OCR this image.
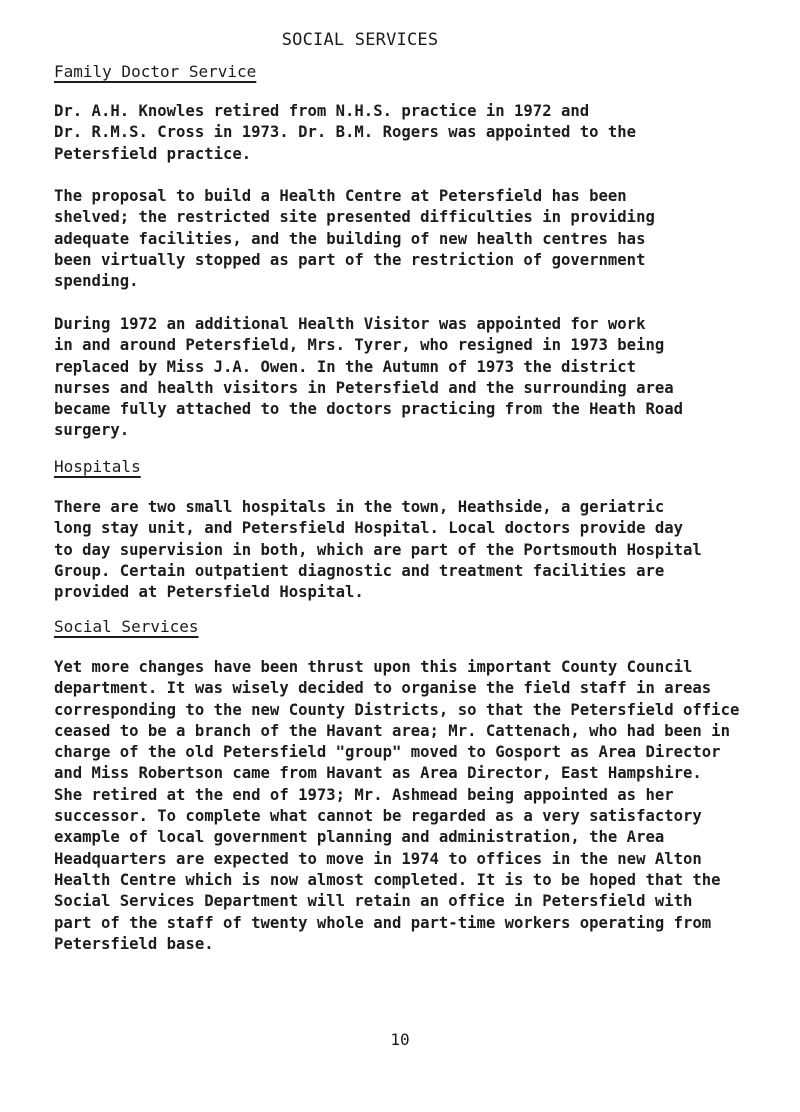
SOCIAL SERVICES
Family Doctor Service

Dr. A.H. Knowles retired from N.H.S. practice in 1972 and
Dr. R.M.S. Cross in 1973. Dr. B.M. Rogers was appointed to the
Petersfield practice.

The proposal to build a Health Centre at Petersfield has been
shelved; the restricted site presented difficulties in providing
adequate facilities, and the building of new health centres has
been virtually stopped as part of the restriction of government
spending.

During 1972 an additional Health Visitor was appointed for work
in and around Petersfield, Mrs. Tyrer, who resigned in 1973 being
replaced by Miss J.A. Owen. In the Autumn of 1973 the district
nurses and health visitors in Petersfield and the surrounding area
became fully attached to the doctors practicing from the Heath Road
surgery.

Hospitals

There are two small hospitals in the town, Heathside, a geriatric
long stay unit, and Petersfield Hospital. Local doctors provide day
to day supervision in both, which are part of the Portsmouth Hospital
Group. Certain outpatient diagnostic and treatment facilities are
provided at Petersfield Hospital.

Social Services

Yet more changes have been thrust upon this important County Council
department. It was wisely decided to organise the field staff in areas
corresponding to the new County Districts, so that the Petersfield office
ceased to be a branch of the Havant area; Mr. Cattenach, who had been in
charge of the old Petersfield "group" moved to Gosport as Area Director
and Miss Robertson came from Havant as Area Director, East Hampshire.
She retired at the end of 1973; Mr. Ashmead being appointed as her
successor. To complete what cannot be regarded as a very satisfactory
example of local government planning and administration, the Area
Headquarters are expected to move in 1974 to offices in the new Alton
Health Centre which is now almost completed. It is to be hoped that the
Social Services Department will retain an office in Petersfield with
part of the staff of twenty whole and part-time workers operating from
Petersfield base.

10
